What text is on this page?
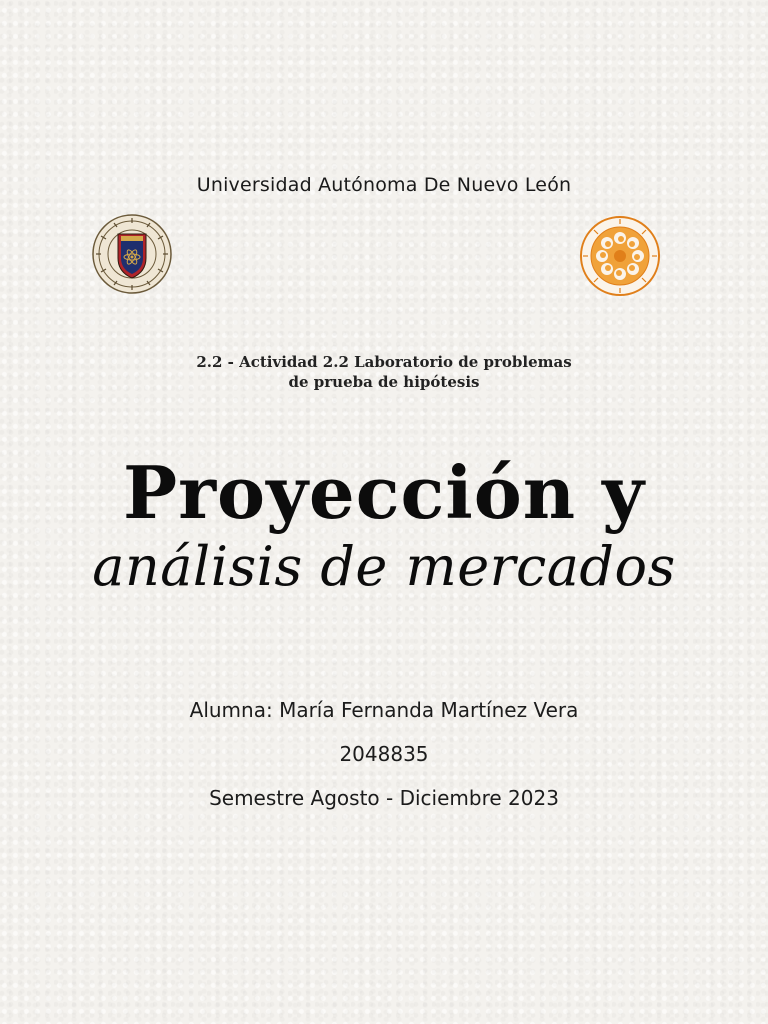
Universidad Autónoma De Nuevo León
2.2 - Actividad 2.2 Laboratorio de problemas
de prueba de hipótesis
Proyección y
análisis de mercados
Alumna: María Fernanda Martínez Vera
2048835
Semestre Agosto - Diciembre 2023
